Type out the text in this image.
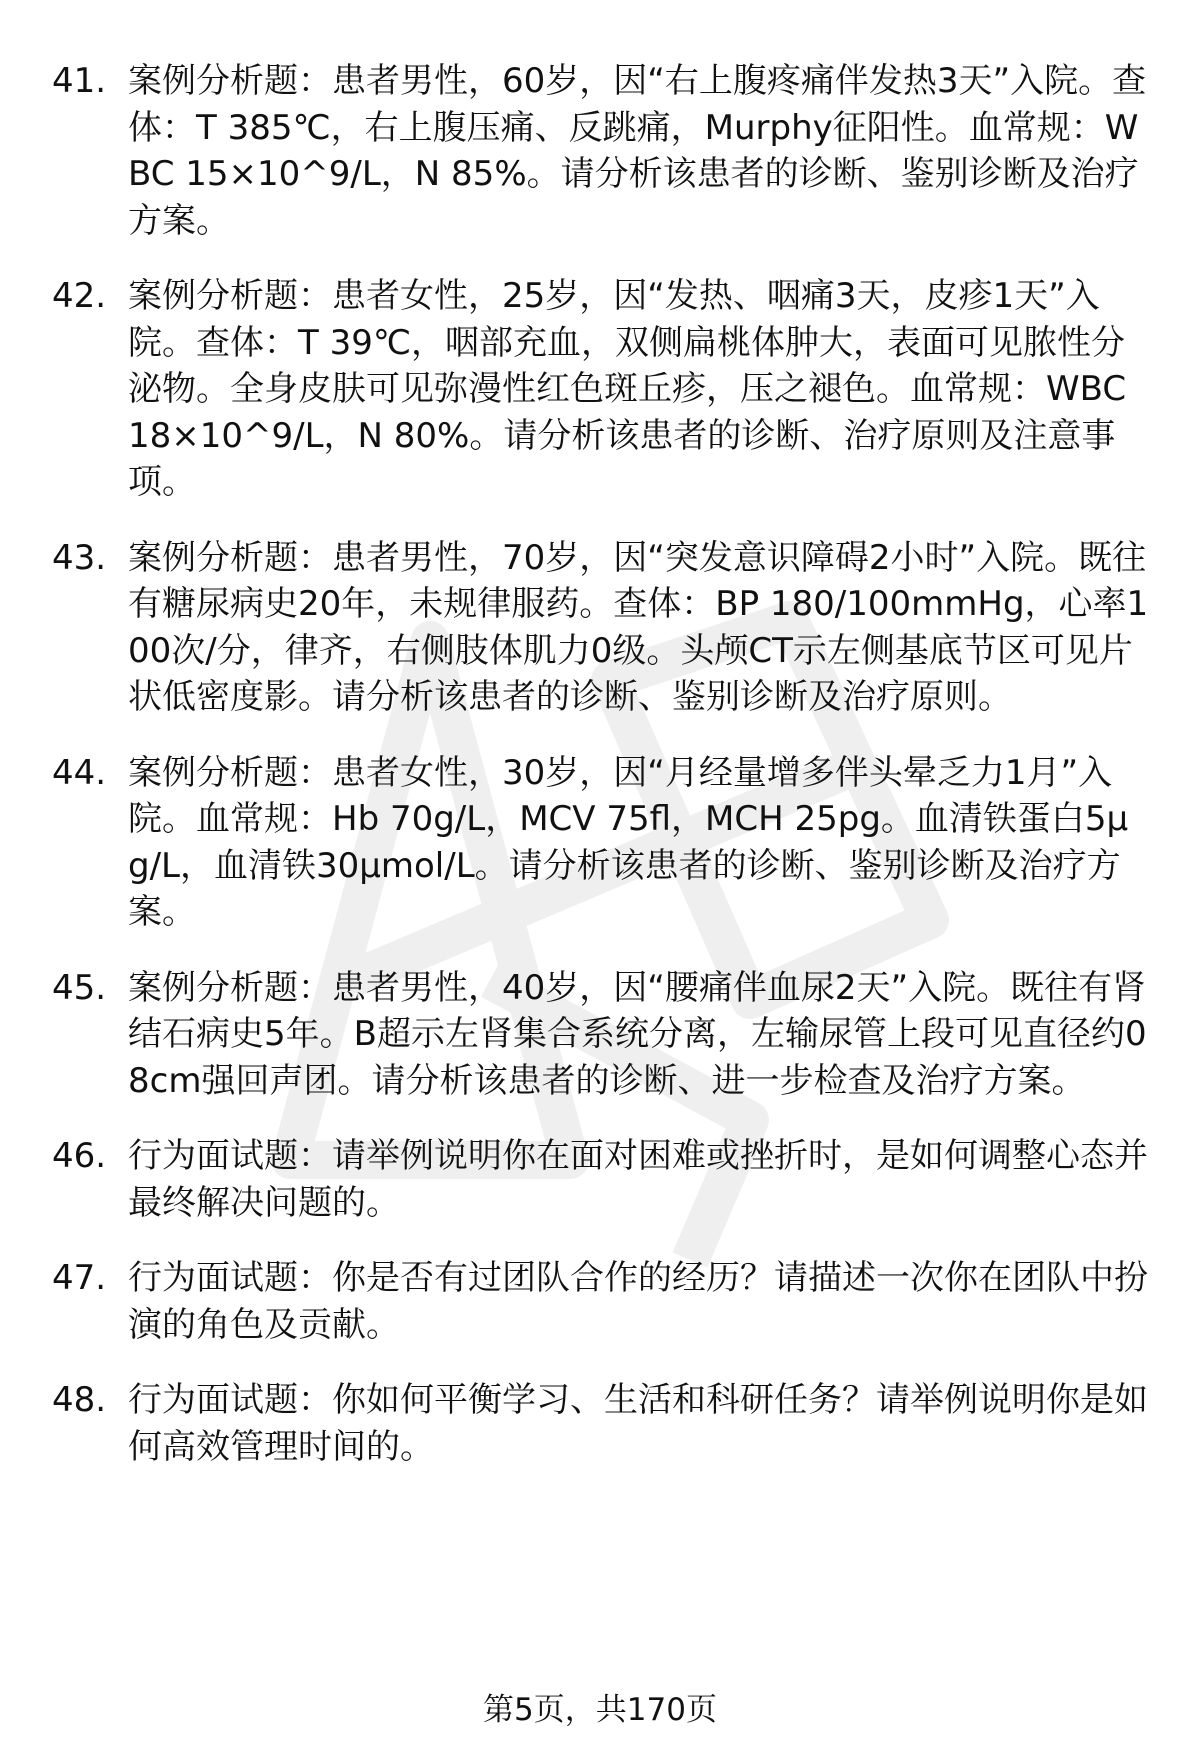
41. 案例分析题：患者男性，60岁，因“右上腹疼痛伴发热3天”入院。查体：T 385℃，右上腹压痛、反跳痛，Murphy征阳性。血常规：WBC 15×10^9/L，N 85%。请分析该患者的诊断、鉴别诊断及治疗方案。
42. 案例分析题：患者女性，25岁，因“发热、咽痛3天，皮疹1天”入院。查体：T 39℃，咽部充血，双侧扁桃体肿大，表面可见脓性分泌物。全身皮肤可见弥漫性红色斑丘疹，压之褪色。血常规：WBC 18×10^9/L，N 80%。请分析该患者的诊断、治疗原则及注意事项。
43. 案例分析题：患者男性，70岁，因“突发意识障碍2小时”入院。既往有糖尿病史20年，未规律服药。查体：BP 180/100mmHg，心率100次/分，律齐，右侧肢体肌力0级。头颅CT示左侧基底节区可见片状低密度影。请分析该患者的诊断、鉴别诊断及治疗原则。
44. 案例分析题：患者女性，30岁，因“月经量增多伴头晕乏力1月”入院。血常规：Hb 70g/L，MCV 75fl，MCH 25pg。血清铁蛋白5μg/L，血清铁30μmol/L。请分析该患者的诊断、鉴别诊断及治疗方案。
45. 案例分析题：患者男性，40岁，因“腰痛伴血尿2天”入院。既往有肾结石病史5年。B超示左肾集合系统分离，左输尿管上段可见直径约08cm强回声团。请分析该患者的诊断、进一步检查及治疗方案。
46. 行为面试题：请举例说明你在面对困难或挫折时，是如何调整心态并最终解决问题的。
47. 行为面试题：你是否有过团队合作的经历？请描述一次你在团队中扮演的角色及贡献。
48. 行为面试题：你如何平衡学习、生活和科研任务？请举例说明你是如何高效管理时间的。
第5页，共170页
